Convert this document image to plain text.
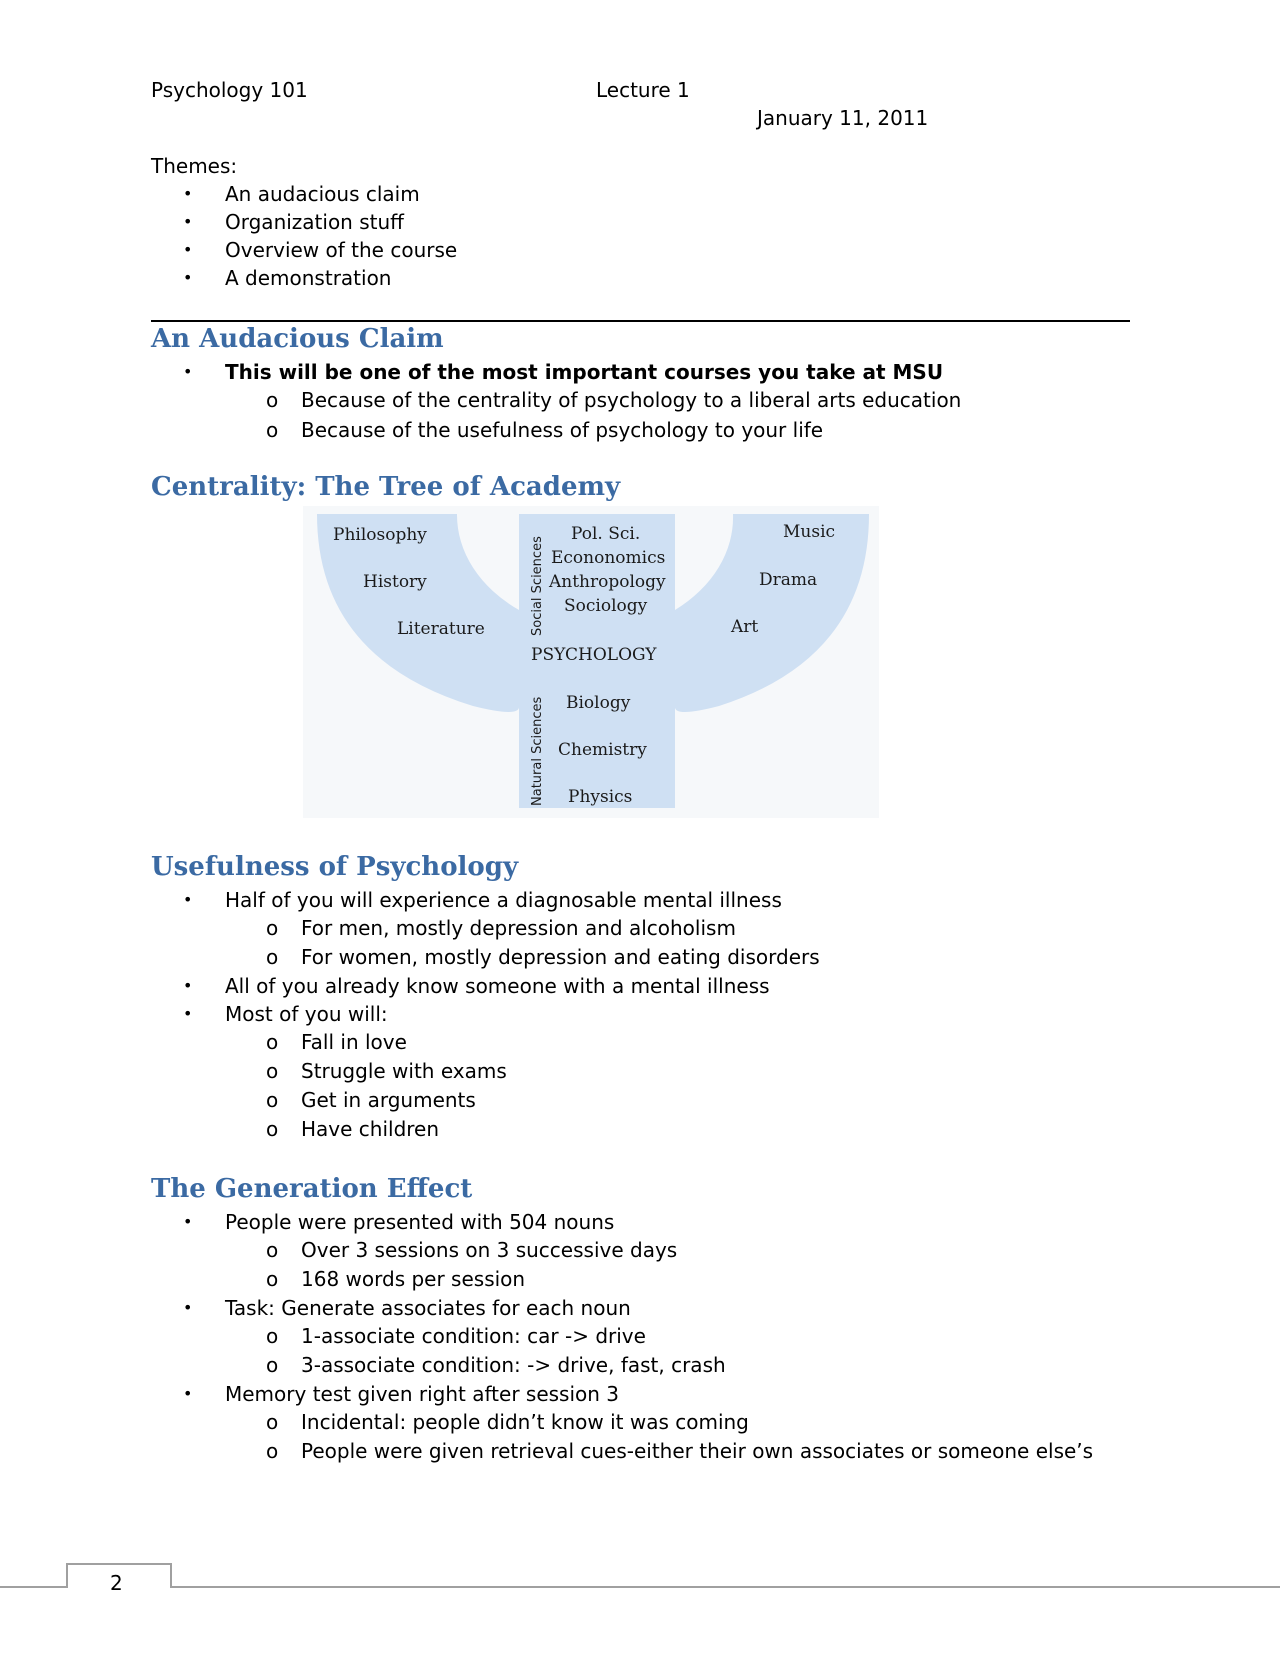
Psychology 101	Lecture 1
January 11, 2011
Themes:
• An audacious claim
• Organization stuff
• Overview of the course
• A demonstration
An Audacious Claim
• This will be one of the most important courses you take at MSU
o Because of the centrality of psychology to a liberal arts education
o Because of the usefulness of psychology to your life
Centrality: The Tree of Academy
Philosophy
History
Literature
Music
Drama
Art
Social Sciences
Pol. Sci.
Econonomics
Anthropology
Sociology
PSYCHOLOGY
Natural Sciences Biology
Chemistry
Physics
Usefulness of Psychology
• Half of you will experience a diagnosable mental illness
o For men, mostly depression and alcoholism
o For women, mostly depression and eating disorders
• All of you already know someone with a mental illness
• Most of you will:
o Fall in love
o Struggle with exams
o Get in arguments
o Have children
The Generation Effect
• People were presented with 504 nouns
o Over 3 sessions on 3 successive days
o 168 words per session
• Task: Generate associates for each noun
o 1-associate condition: car -> drive
o 3-associate condition: -> drive, fast, crash
• Memory test given right after session 3
o Incidental: people didn’t know it was coming
o People were given retrieval cues-either their own associates or someone else’s
2
